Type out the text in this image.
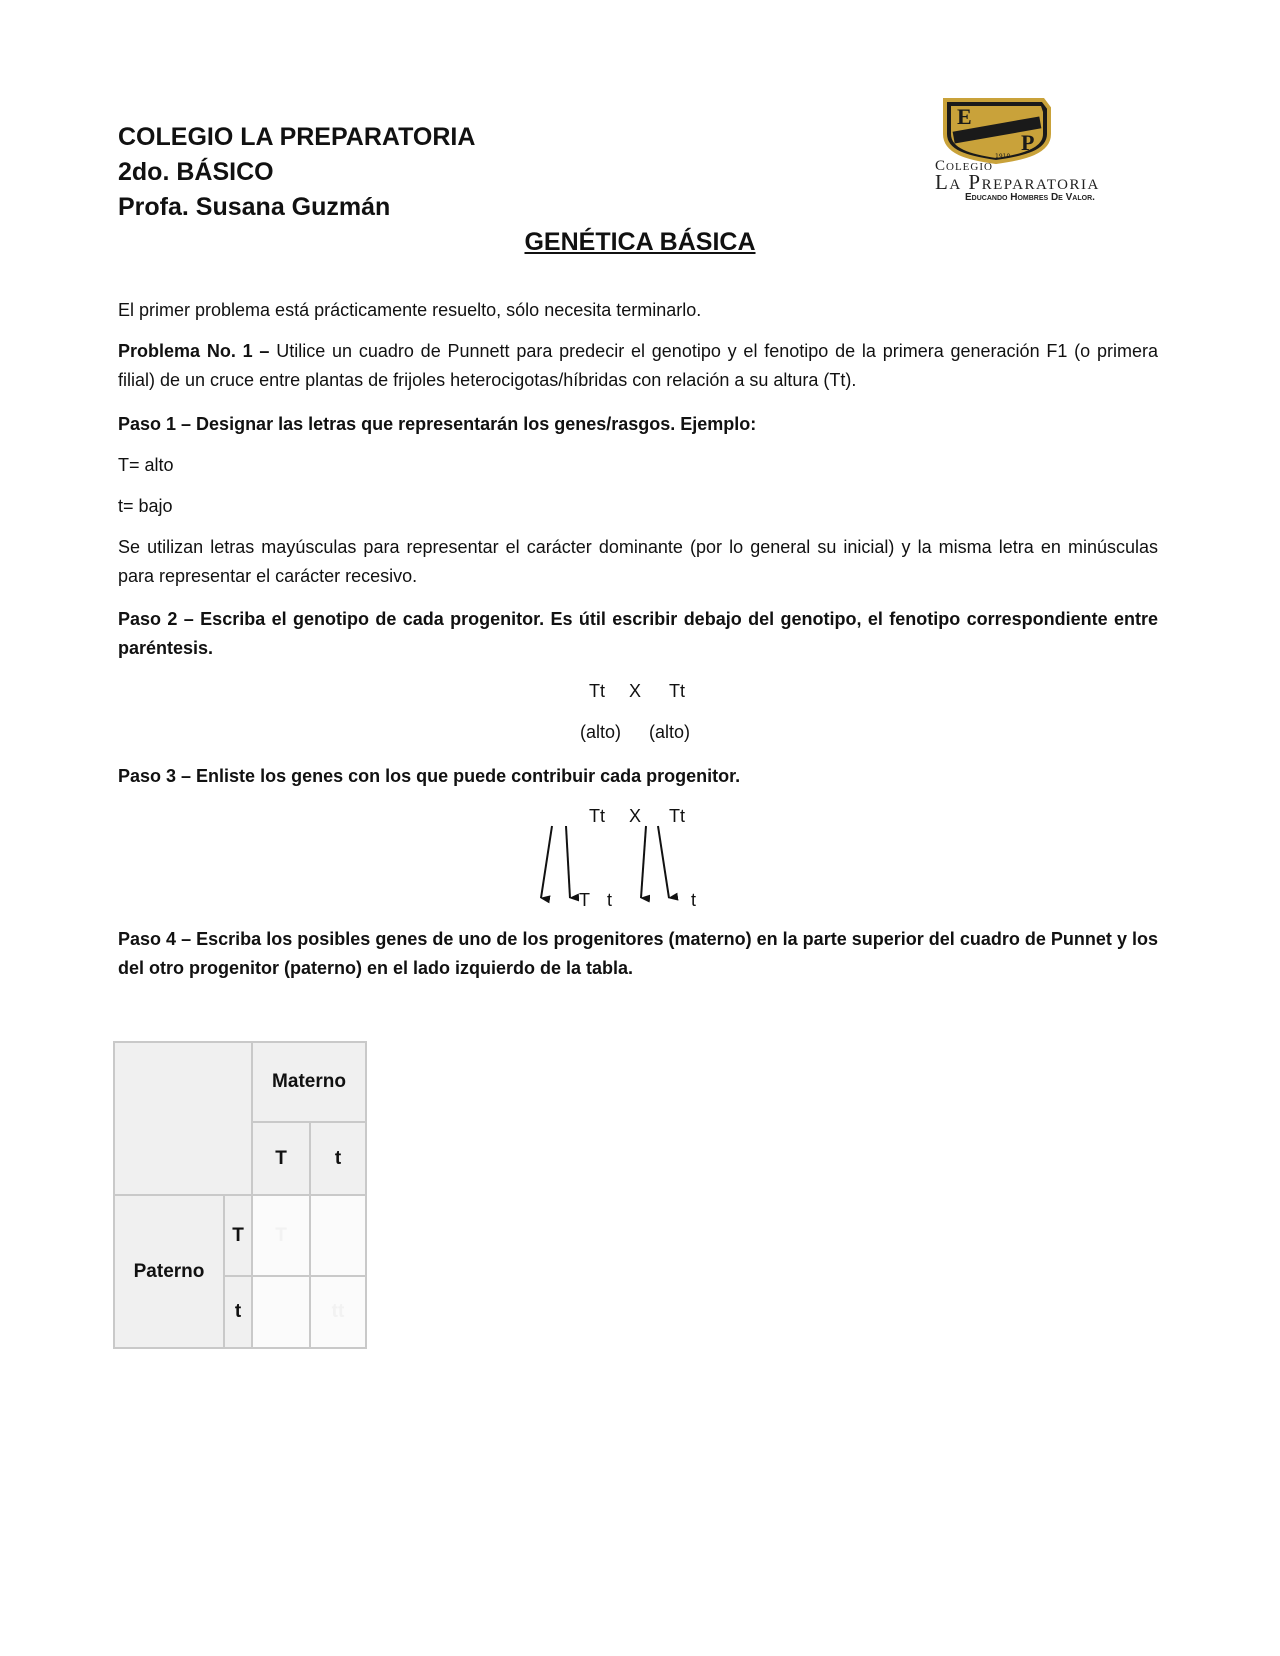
COLEGIO LA PREPARATORIA
2do. BÁSICO
Profa. Susana Guzmán
E
P
1910
Colegio
La Preparatoria
Educando Hombres De Valor.
GENÉTICA BÁSICA
El primer problema está prácticamente resuelto, sólo necesita terminarlo.
Problema No. 1 – Utilice un cuadro de Punnett para predecir el genotipo y el fenotipo de la primera generación F1 (o primera filial) de un cruce entre plantas de frijoles heterocigotas/híbridas con relación a su altura (Tt).
Paso 1 – Designar las letras que representarán los genes/rasgos. Ejemplo:
T= alto
t= bajo
Se utilizan letras mayúsculas para representar el carácter dominante (por lo general su inicial) y la misma letra en minúsculas para representar el carácter recesivo.
Paso 2 – Escriba el genotipo de cada progenitor. Es útil escribir debajo del genotipo, el fenotipo correspondiente entre paréntesis.
Tt X Tt
(alto) (alto)
Paso 3 – Enliste los genes con los que puede contribuir cada progenitor.
Tt X Tt
T t	t
Paso 4 – Escriba los posibles genes de uno de los progenitores (materno) en la parte superior del cuadro de Punnet y los del otro progenitor (paterno) en el lado izquierdo de la tabla.
		Materno	
		T	t
Paterno	T	T	
	t		tt
